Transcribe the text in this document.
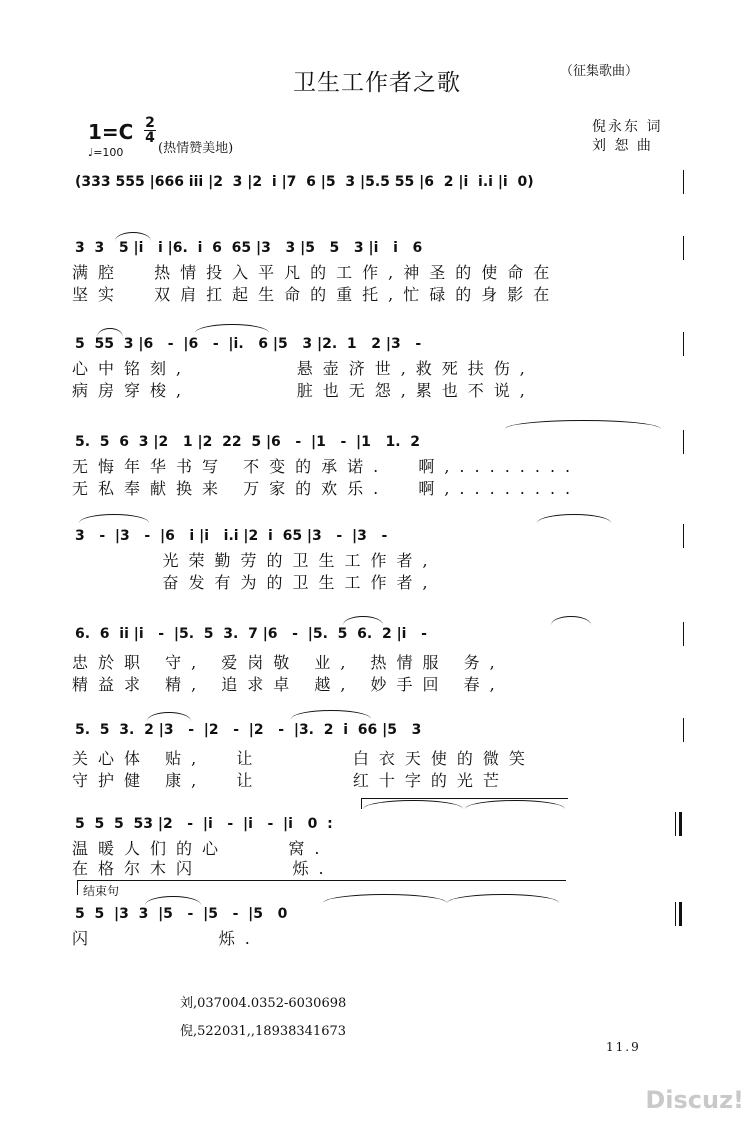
卫生工作者之歌	（征集歌曲）
倪永东 词
刘 恕 曲
1=C 2
4
(热情赞美地)
♩=100
(333 555 |666 iii |2  3 |2  i |7  6 |5  3 |5.5 55 |6  2 |i  i.i |i  0)
3  3   5 |i   i |6.  i  6  65 |3   3 |5   5   3 |i   i   6
满腔  热情投入平凡的工作,神圣的使命在
坚实  双肩扛起生命的重托,忙碌的身影在
5  55  3 |6   -  |6   -  |i.   6 |5   3 |2.  1   2 |3   -
心中铭刻,       悬壶济世,救死扶伤,
病房穿梭,       脏也无怨,累也不说,
5.  5  6  3 |2   1 |2  22  5 |6   -  |1   -  |1   1.  2
无悔年华书写 不变的承诺.  啊,........
无私奉献换来 万家的欢乐.  啊,........
3   -  |3   -  |6   i |i   i.i |2  i  65 |3   -  |3   -
光荣勤劳的卫生工作者,
奋发有为的卫生工作者,
6.  6  ii |i   -  |5.  5  3.  7 |6   -  |5.  5  6.  2 |i   -
忠於职 守, 爱岗敬 业, 热情服 务,
精益求 精, 追求卓 越, 妙手回 春,
5.  5  3.  2 |3   -  |2   -  |2   -  |3.  2  i  66 |5   3
关心体 贴,  让      白衣天使的微笑
守护健 康,  让      红十字的光芒
5  5  5  53 |2   -  |i   -  |i   -  |i   0  :
温暖人们的心    窝.
在格尔木闪      烁.
结束句
5  5  |3  3  |5   -  |5   -  |5   0
闪        烁.
刘,037004.0352-6030698
倪,522031,,18938341673
11.9
Discuz!
